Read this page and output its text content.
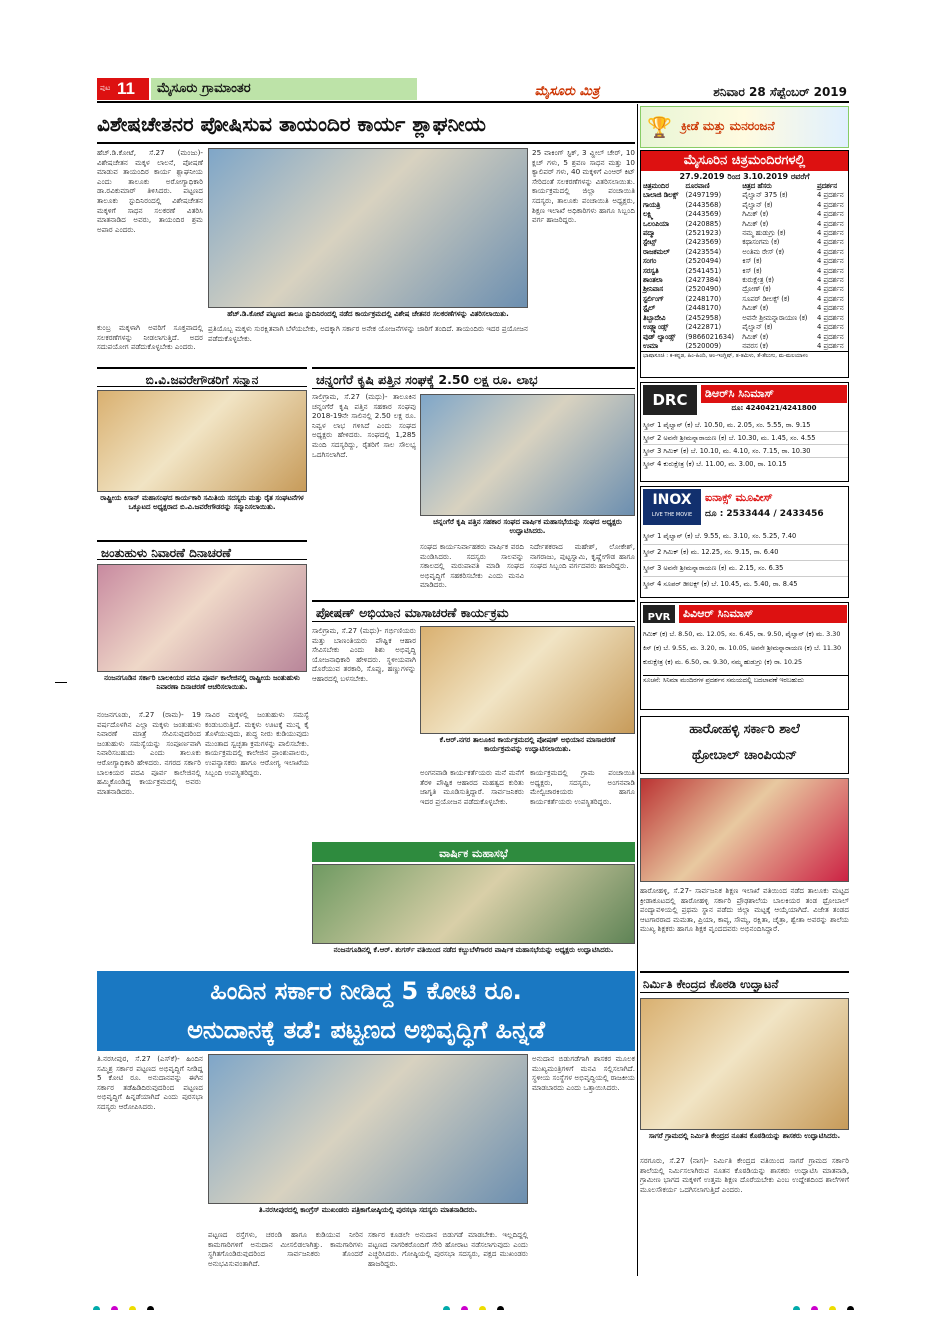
ಪುಟ 11 ಮೈಸೂರು ಗ್ರಾಮಾಂತರ	ಮೈಸೂರು ಮಿತ್ರ	ಶನಿವಾರ 28 ಸೆಪ್ಟೆಂಬರ್ 2019
ವಿಶೇಷಚೇತನರ ಪೋಷಿಸುವ ತಾಯಂದಿರ ಕಾರ್ಯ ಶ್ಲಾಘನೀಯ
ಹೆಚ್.ಡಿ.ಕೋಟೆ, ಸೆ.27 (ಮಂಜು)- ವಿಶೇಷಚೇತನ ಮಕ್ಕಳ ಲಾಲನೆ, ಪೋಷಣೆ ಮಾಡುವ ತಾಯಂದಿರ ಕಾರ್ಯ ಶ್ಲಾಘನೀಯ ಎಂದು ತಾಲೂಕು ಅರೋಗ್ಯಾಧಿಕಾರಿ ಡಾ.ರವಿಕುಮಾರ್ ತಿಳಿಸಿದರು. ಪಟ್ಟಣದ ತಾಲೂಕು ಸ್ಟುದಿನಿರಂದಲ್ಲಿ ವಿಶೇಷಚೇತನ ಮಕ್ಕಳಿಗೆ ಸಾಧನ ಸಲಕರಣೆ ವಿತರಿಸಿ ಮಾತನಾಡಿದ ಅವರು, ತಾಯಂದಿರ ಶ್ರಮ ಅಪಾರ ಎಂದರು.
ಕುಂಬ್ರ ಮಕ್ಕಳಾಗಿ ಅವರಿಗೆ ಸೂಕ್ತವಾದಲ್ಲಿ ಸಲಕರಣೆಗಳನ್ನು ನೀಡಲಾಗುತ್ತಿದೆ. ಅದರ ಸದುಪಯೋಗ ಪಡೆದುಕೊಳ್ಳಬೇಕು ಎಂದರು.
ಹೆಚ್.ಡಿ.ಕೋಟೆ ಪಟ್ಟಣದ ತಾಲೂ ಸ್ಟುದಿನಿರಂದಲ್ಲಿ ನಡೆದ ಕಾರ್ಯಕ್ರಮದಲ್ಲಿ ವಿಶೇಷ ಚೇತನರ ಸಲಕರಣೆಗಳನ್ನು ವಿತರಿಸಲಾಯಿತು.
ಪ್ರತಿಯೊಬ್ಬ ಮಕ್ಕಳು ಸುರಕ್ಷಿತವಾಗಿ ಬೆಳೆಯಬೇಕು, ಅದಕ್ಕಾಗಿ ಸರ್ಕಾರ ಅನೇಕ ಯೋಜನೆಗಳನ್ನು ಜಾರಿಗೆ ತಂದಿದೆ. ತಾಯಂದಿರು ಇದರ ಪ್ರಯೋಜನ ಪಡೆದುಕೊಳ್ಳಬೇಕು.
25 ವಾಕಿಂಗ್ ಸ್ಟಿಕ್, 3 ವ್ಹೀಲ್ ಚೇರ್, 10 ಕ್ಲಚ್ ಗಳು, 5 ಶ್ರವಣ ಸಾಧನ ಮತ್ತು 10 ಕ್ಯಾಲಿಪರ್ ಗಳು, 40 ಮಕ್ಕಳಿಗೆ ಎಂಆರ್ ಕಿಟ್ ಸೇರಿದಂತೆ ಸಲಕರಣೆಗಳನ್ನು ವಿತರಿಸಲಾಯಿತು. ಕಾರ್ಯಕ್ರಮದಲ್ಲಿ ಜಿಲ್ಲಾ ಪಂಚಾಯಿತಿ ಸದಸ್ಯರು, ತಾಲೂಕು ಪಂಚಾಯಿತಿ ಅಧ್ಯಕ್ಷರು, ಶಿಕ್ಷಣ ಇಲಾಖೆ ಅಧಿಕಾರಿಗಳು ಹಾಗೂ ಸಿಬ್ಬಂದಿ ವರ್ಗ ಹಾಜರಿದ್ದರು.
🏆 ಕ್ರೀಡೆ ಮತ್ತು ಮನರಂಜನೆ
ಮೈಸೂರಿನ ಚಿತ್ರಮಂದಿರಗಳಲ್ಲಿ
27.9.2019 ರಿಂದ 3.10.2019 ರವರೆಗೆ
ಚಿತ್ರಮಂದಿರ	ದೂರವಾಣಿ	ಚಿತ್ರದ ಹೆಸರು	ಪ್ರದರ್ಶನ
ಬಾಲಾಜಿ ಡಿಲಕ್ಸ್	(2497199)	ಪೈಲ್ವಾನ್ 375 (ಕ)	4 ಪ್ರದರ್ಶನ
ಗಾಯತ್ರಿ	(2443568)	ಪೈಲ್ವಾನ್ (ಕ)	4 ಪ್ರದರ್ಶನ
ಲಕ್ಷ್ಮಿ	(2443569)	ಗಿಮಿಕ್ (ಕ)	4 ಪ್ರದರ್ಶನ
ಒಲಂಪಿಯಾ	(2420885)	ಗಿಮಿಕ್ (ಕ)	4 ಪ್ರದರ್ಶನ
ಪದ್ಮಾ	(2521923)	ನಮ್ಮ ಹುಡುಗ್ರು (ಕ)	4 ಪ್ರದರ್ಶನ
ಸ್ಟೇಟ್ಸ್	(2423569)	ಕಥಾಸಂಗಮ (ಕ)	4 ಪ್ರದರ್ಶನ
ರಾಜಕಮಲ್	(2423554)	ಅಂತಿಮ ರೇಸ್ (ಕ)	4 ಪ್ರದರ್ಶನ
ಸಂಗಂ	(2520494)	ಕಿಸ್ (ಕ)	4 ಪ್ರದರ್ಶನ
ಸರಸ್ವತಿ	(2541451)	ಕಿಸ್ (ಕ)	4 ಪ್ರದರ್ಶನ
ಶಾಂತಲಾ	(2427384)	ಕುರುಕ್ಷೇತ್ರ (ಕ)	4 ಪ್ರದರ್ಶನ
ಶ್ರೀನಿವಾಸ	(2520490)	ದ್ರೋಣ್ (ಕ)	4 ಪ್ರದರ್ಶನ
ಸ್ಟರ್ಲಿಂಗ್	(2248170)	ಸೂಪರ್ ಡೀಲಕ್ಸ್ (ಕ)	4 ಪ್ರದರ್ಶನ
ಸ್ಟೈಲ್	(2448170)	ಗಿಮಿಕ್ (ಕ)	4 ಪ್ರದರ್ಶನ
ತಿಬ್ಬಾದೇವಿ	(2452958)	ಅವನೇ ಶ್ರೀಮನ್ನಾರಾಯಣ (ಕ)	4 ಪ್ರದರ್ಶನ
ಉಡ್ಲ್ಯಾಂಡ್ಸ್	(2422871)	ಪೈಲ್ವಾನ್ (ಕ)	4 ಪ್ರದರ್ಶನ
ವುಡ್ ಲ್ಯಾಂಡ್ಸ್	(9866021634)	ಗಿಮಿಕ್ (ಕ)	4 ಪ್ರದರ್ಶನ
ಉಮಾ	(2520009)	ನವರಸ (ಕ)	4 ಪ್ರದರ್ಶನ
ಭಾಷಾಸೂಚಿ : ಕ-ಕನ್ನಡ, ಹಿಂ-ಹಿಂದಿ, ಆಂ-ಇಂಗ್ಲಿಷ್, ತ-ತಮಿಳು, ತೆ-ತೆಲುಗು, ಮ-ಮಲಯಾಳಂ
DRC	ಡಿಆರ್‌ಸಿ ಸಿನಿಮಾಸ್
ದೂ: 4240421/4241800
ಸ್ಕ್ರೀನ್ 1 ಪೈಲ್ವಾನ್ (ಕ) ಬೆ. 10.50, ಮ. 2.05, ಸಂ. 5.55, ರಾ. 9.15
ಸ್ಕ್ರೀನ್ 2 ಅವನೇ ಶ್ರೀಮನ್ನಾರಾಯಣ (ಕ) ಬೆ. 10.30, ಮ. 1.45, ಸಂ. 4.55
ಸ್ಕ್ರೀನ್ 3 ಗಿಮಿಕ್ (ಕ) ಬೆ. 10.10, ಮ. 4.10, ಸಂ. 7.15, ರಾ. 10.30
ಸ್ಕ್ರೀನ್ 4 ಕುರುಕ್ಷೇತ್ರ (ಕ) ಬೆ. 11.00, ಮ. 3.00, ರಾ. 10.15
INOX
LIVE THE MOVIE
ಐನಾಕ್ಸ್ ಮೂವೀಸ್
ದೂ : 2533444 / 2433456
ಸ್ಕ್ರೀನ್ 1 ಪೈಲ್ವಾನ್ (ಕ) ಬೆ. 9.55, ಮ. 3.10, ಸಂ. 5.25, 7.40
ಸ್ಕ್ರೀನ್ 2 ಗಿಮಿಕ್ (ಕ) ಮ. 12.25, ಸಂ. 9.15, ರಾ. 6.40
ಸ್ಕ್ರೀನ್ 3 ಅವನೇ ಶ್ರೀಮನ್ನಾರಾಯಣ (ಕ) ಮ. 2.15, ಸಂ. 6.35
ಸ್ಕ್ರೀನ್ 4 ಸೂಪರ್ ಡೀಲಕ್ಸ್ (ಕ) ಬೆ. 10.45, ಮ. 5.40, ರಾ. 8.45
PVR	ಪಿವಿಆರ್ ಸಿನಿಮಾಸ್
ಗಿಮಿಕ್ (ಕ) ಬೆ. 8.50, ಮ. 12.05, ಸಂ. 6.45, ರಾ. 9.50, ಪೈಲ್ವಾನ್ (ಕ) ಮ. 3.30
ಕಿಸ್ (ಕ) ಬೆ. 9.55, ಮ. 3.20, ರಾ. 10.05, ಅವನೇ ಶ್ರೀಮನ್ನಾರಾಯಣ (ಕ) ಬೆ. 11.30
ಕುರುಕ್ಷೇತ್ರ (ಕ) ಮ. 6.50, ರಾ. 9.30, ನಮ್ಮ ಹುಡುಗ್ರು (ಕ) ರಾ. 10.25
ಸೂಚನೆ: ಸಿನಿಮಾ ಮಂದಿರಗಳ ಪ್ರದರ್ಶನ ಸಮಯದಲ್ಲಿ ಬದಲಾವಣೆ ಇರಬಹುದು
ಬಿ.ವಿ.ಜವರೇಗೌಡರಿಗೆ ಸನ್ಮಾನ
ರಾಷ್ಟ್ರೀಯ ಕಿಸಾನ್ ಮಹಾಸಂಘದ ಕಾರ್ಯಕಾರಿ ಸಮಿತಿಯ ಸದಸ್ಯರು ಮತ್ತು ರೈತ ಸಂಘಟನೆಗಳ ಒಕ್ಕೂಟದ ಅಧ್ಯಕ್ಷರಾದ ಬಿ.ವಿ.ಜವರೇಗೌಡರನ್ನು ಸನ್ಮಾನಿಸಲಾಯಿತು.
ಜಂತುಹುಳು ನಿವಾರಣೆ ದಿನಾಚರಣೆ
ನಂಜನಗೂಡಿನ ಸರ್ಕಾರಿ ಬಾಲಕಿಯರ ಪದವಿ ಪೂರ್ವ ಕಾಲೇಜಿನಲ್ಲಿ ರಾಷ್ಟ್ರೀಯ ಜಂತುಹುಳು ನಿವಾರಣಾ ದಿನಾಚರಣೆ ಆಚರಿಸಲಾಯಿತು.
ನಂಜನಗೂಡು, ಸೆ.27 (ರಾಮ)- 19 ವರ್ಷದೊಳಗಿನ ಎಲ್ಲಾ ಮಕ್ಕಳು ಜಂತುಹುಳು ನಿವಾರಣೆ ಮಾತ್ರೆ ಸೇವಿಸುವುದರಿಂದ ಜಂತುಹುಳು ಸಮಸ್ಯೆಯನ್ನು ಸಂಪೂರ್ಣವಾಗಿ ನಿವಾರಿಸಬಹುದು ಎಂದು ತಾಲೂಕು ಆರೋಗ್ಯಾಧಿಕಾರಿ ಹೇಳಿದರು. ನಗರದ ಸರ್ಕಾರಿ ಬಾಲಕಿಯರ ಪದವಿ ಪೂರ್ವ ಕಾಲೇಜಿನಲ್ಲಿ ಹಮ್ಮಿಕೊಂಡಿದ್ದ ಕಾರ್ಯಕ್ರಮದಲ್ಲಿ ಅವರು ಮಾತನಾಡಿದರು.
ಸಾವಿರ ಮಕ್ಕಳಲ್ಲಿ ಜಂತುಹುಳು ಸಮಸ್ಯೆ ಕಂಡುಬರುತ್ತಿದೆ. ಮಕ್ಕಳು ಊಟಕ್ಕೆ ಮುನ್ನ ಕೈ ತೊಳೆಯುವುದು, ಶುದ್ಧ ನೀರು ಕುಡಿಯುವುದು ಮುಂತಾದ ಸ್ವಚ್ಛತಾ ಕ್ರಮಗಳನ್ನು ಪಾಲಿಸಬೇಕು. ಕಾರ್ಯಕ್ರಮದಲ್ಲಿ ಕಾಲೇಜಿನ ಪ್ರಾಂಶುಪಾಲರು, ಉಪನ್ಯಾಸಕರು ಹಾಗೂ ಆರೋಗ್ಯ ಇಲಾಖೆಯ ಸಿಬ್ಬಂದಿ ಉಪಸ್ಥಿತರಿದ್ದರು.
ಚನ್ನಂಗೆರೆ ಕೃಷಿ ಪತ್ತಿನ ಸಂಘಕ್ಕೆ 2.50 ಲಕ್ಷ ರೂ. ಲಾಭ
ಸಾಲಿಗ್ರಾಮ, ಸೆ.27 (ಮಧು)- ತಾಲೂಕಿನ ಚನ್ನಂಗೆರೆ ಕೃಷಿ ಪತ್ತಿನ ಸಹಕಾರ ಸಂಘವು 2018-19ನೇ ಸಾಲಿನಲ್ಲಿ 2.50 ಲಕ್ಷ ರೂ. ನಿವ್ವಳ ಲಾಭ ಗಳಿಸಿದೆ ಎಂದು ಸಂಘದ ಅಧ್ಯಕ್ಷರು ಹೇಳಿದರು. ಸಂಘದಲ್ಲಿ 1,285 ಮಂದಿ ಸದಸ್ಯರಿದ್ದು, ರೈತರಿಗೆ ಸಾಲ ಸೌಲಭ್ಯ ಒದಗಿಸಲಾಗಿದೆ.
ಚನ್ನಂಗೆರೆ ಕೃಷಿ ಪತ್ತಿನ ಸಹಕಾರ ಸಂಘದ ವಾರ್ಷಿಕ ಮಹಾಸಭೆಯನ್ನು ಸಂಘದ ಅಧ್ಯಕ್ಷರು ಉದ್ಘಾಟಿಸಿದರು.
ಸಂಘದ ಕಾರ್ಯನಿರ್ವಾಹಕರು ವಾರ್ಷಿಕ ವರದಿ ಮಂಡಿಸಿದರು. ಸದಸ್ಯರು ಸಾಲವನ್ನು ಸಕಾಲದಲ್ಲಿ ಮರುಪಾವತಿ ಮಾಡಿ ಸಂಘದ ಅಭಿವೃದ್ಧಿಗೆ ಸಹಕರಿಸಬೇಕು ಎಂದು ಮನವಿ ಮಾಡಿದರು.
ನಿರ್ದೇಶಕರಾದ ಮಹೇಶ್, ಲೋಕೇಶ್, ನಾಗರಾಜು, ಪುಟ್ಟಸ್ವಾಮಿ, ಕೃಷ್ಣೇಗೌಡ ಹಾಗೂ ಸಂಘದ ಸಿಬ್ಬಂದಿ ವರ್ಗದವರು ಹಾಜರಿದ್ದರು.
ಪೋಷಣ್ ಅಭಿಯಾನ ಮಾಸಾಚರಣೆ ಕಾರ್ಯಕ್ರಮ
ಸಾಲಿಗ್ರಾಮ, ಸೆ.27 (ಮಧು)- ಗರ್ಭಿಣಿಯರು ಮತ್ತು ಬಾಣಂತಿಯರು ಪೌಷ್ಟಿಕ ಆಹಾರ ಸೇವಿಸಬೇಕು ಎಂದು ಶಿಶು ಅಭಿವೃದ್ಧಿ ಯೋಜನಾಧಿಕಾರಿ ಹೇಳಿದರು. ಸ್ಥಳೀಯವಾಗಿ ದೊರೆಯುವ ತರಕಾರಿ, ಸೊಪ್ಪು, ಹಣ್ಣುಗಳನ್ನು ಆಹಾರದಲ್ಲಿ ಬಳಸಬೇಕು.
ಕೆ.ಆರ್.ನಗರ ತಾಲೂಕಿನ ಕಾರ್ಯಕ್ರಮದಲ್ಲಿ ಪೋಷಣ್ ಅಭಿಯಾನ ಮಾಸಾಚರಣೆ ಕಾರ್ಯಕ್ರಮವನ್ನು ಉದ್ಘಾಟಿಸಲಾಯಿತು.
ಅಂಗನವಾಡಿ ಕಾರ್ಯಕರ್ತೆಯರು ಮನೆ ಮನೆಗೆ ತೆರಳಿ ಪೌಷ್ಟಿಕ ಆಹಾರದ ಮಹತ್ವದ ಕುರಿತು ಜಾಗೃತಿ ಮೂಡಿಸುತ್ತಿದ್ದಾರೆ. ಸಾರ್ವಜನಿಕರು ಇದರ ಪ್ರಯೋಜನ ಪಡೆದುಕೊಳ್ಳಬೇಕು.
ಕಾರ್ಯಕ್ರಮದಲ್ಲಿ ಗ್ರಾಮ ಪಂಚಾಯಿತಿ ಅಧ್ಯಕ್ಷರು, ಸದಸ್ಯರು, ಅಂಗನವಾಡಿ ಮೇಲ್ವಿಚಾರಕಿಯರು ಹಾಗೂ ಕಾರ್ಯಕರ್ತೆಯರು ಉಪಸ್ಥಿತರಿದ್ದರು.
ವಾರ್ಷಿಕ ಮಹಾಸಭೆ
ನಂಜನಗೂಡಿನಲ್ಲಿ ಕೆ.ಆರ್. ಶುಗರ್ಸ್ ವತಿಯಿಂದ ನಡೆದ ಕಬ್ಬುಬೆಳೆಗಾರರ ವಾರ್ಷಿಕ ಮಹಾಸಭೆಯನ್ನು ಅಧ್ಯಕ್ಷರು ಉದ್ಘಾಟಿಸಿದರು.
ಹಾರೋಹಳ್ಳಿ ಸರ್ಕಾರಿ ಶಾಲೆ
ಥ್ರೋಬಾಲ್ ಚಾಂಪಿಯನ್
ಹಾರೋಹಳ್ಳಿ, ಸೆ.27- ಸಾರ್ವಜನಿಕ ಶಿಕ್ಷಣ ಇಲಾಖೆ ವತಿಯಿಂದ ನಡೆದ ತಾಲೂಕು ಮಟ್ಟದ ಕ್ರೀಡಾಕೂಟದಲ್ಲಿ ಹಾರೋಹಳ್ಳಿ ಸರ್ಕಾರಿ ಪ್ರೌಢಶಾಲೆಯ ಬಾಲಕಿಯರ ತಂಡ ಥ್ರೋಬಾಲ್ ಪಂದ್ಯಾವಳಿಯಲ್ಲಿ ಪ್ರಥಮ ಸ್ಥಾನ ಪಡೆದು ಜಿಲ್ಲಾ ಮಟ್ಟಕ್ಕೆ ಆಯ್ಕೆಯಾಗಿದೆ. ವಿಜೇತ ತಂಡದ ಆಟಗಾರರಾದ ಮಮತಾ, ಪ್ರಿಯಾ, ಕಾವ್ಯ, ಸೌಮ್ಯ, ರಕ್ಷಿತಾ, ಚೈತ್ರಾ, ಶ್ವೇತಾ ಅವರನ್ನು ಶಾಲೆಯ ಮುಖ್ಯ ಶಿಕ್ಷಕರು ಹಾಗೂ ಶಿಕ್ಷಕ ವೃಂದದವರು ಅಭಿನಂದಿಸಿದ್ದಾರೆ.
ಹಿಂದಿನ ಸರ್ಕಾರ ನೀಡಿದ್ದ 5 ಕೋಟಿ ರೂ.
ಅನುದಾನಕ್ಕೆ ತಡೆ: ಪಟ್ಟಣದ ಅಭಿವೃದ್ಧಿಗೆ ಹಿನ್ನಡೆ
ತಿ.ನರಸೀಪುರ, ಸೆ.27 (ಎಸ್‌ಕೆ)- ಹಿಂದಿನ ಸಮ್ಮಿಶ್ರ ಸರ್ಕಾರ ಪಟ್ಟಣದ ಅಭಿವೃದ್ಧಿಗೆ ನೀಡಿದ್ದ 5 ಕೋಟಿ ರೂ. ಅನುದಾನವನ್ನು ಈಗಿನ ಸರ್ಕಾರ ತಡೆಹಿಡಿದಿರುವುದರಿಂದ ಪಟ್ಟಣದ ಅಭಿವೃದ್ಧಿಗೆ ಹಿನ್ನಡೆಯಾಗಿದೆ ಎಂದು ಪುರಸಭಾ ಸದಸ್ಯರು ಆರೋಪಿಸಿದರು.
ತಿ.ನರಸೀಪುರದಲ್ಲಿ ಕಾಂಗ್ರೆಸ್ ಮುಖಂಡರು ಪತ್ರಿಕಾಗೋಷ್ಠಿಯಲ್ಲಿ ಪುರಸಭಾ ಸದಸ್ಯರು ಮಾತನಾಡಿದರು.
ಪಟ್ಟಣದ ರಸ್ತೆಗಳು, ಚರಂಡಿ ಹಾಗೂ ಕುಡಿಯುವ ನೀರಿನ ಕಾಮಗಾರಿಗಳಿಗೆ ಅನುದಾನ ಮೀಸಲಿಡಲಾಗಿತ್ತು. ಕಾಮಗಾರಿಗಳು ಸ್ಥಗಿತಗೊಂಡಿರುವುದರಿಂದ ಸಾರ್ವಜನಿಕರು ತೊಂದರೆ ಅನುಭವಿಸುವಂತಾಗಿದೆ.
ಸರ್ಕಾರ ಕೂಡಲೇ ಅನುದಾನ ಬಿಡುಗಡೆ ಮಾಡಬೇಕು. ಇಲ್ಲದಿದ್ದಲ್ಲಿ ಪಟ್ಟಣದ ನಾಗರಿಕರೊಂದಿಗೆ ಸೇರಿ ಹೋರಾಟ ನಡೆಸಲಾಗುವುದು ಎಂದು ಎಚ್ಚರಿಸಿದರು. ಗೋಷ್ಠಿಯಲ್ಲಿ ಪುರಸಭಾ ಸದಸ್ಯರು, ಪಕ್ಷದ ಮುಖಂಡರು ಹಾಜರಿದ್ದರು.
ಅನುದಾನ ಬಿಡುಗಡೆಗಾಗಿ ಶಾಸಕರ ಮೂಲಕ ಮುಖ್ಯಮಂತ್ರಿಗಳಿಗೆ ಮನವಿ ಸಲ್ಲಿಸಲಾಗಿದೆ. ಸ್ಥಳೀಯ ಸಂಸ್ಥೆಗಳ ಅಭಿವೃದ್ಧಿಯಲ್ಲಿ ರಾಜಕೀಯ ಮಾಡಬಾರದು ಎಂದು ಒತ್ತಾಯಿಸಿದರು.
ನಿರ್ಮಿತಿ ಕೇಂದ್ರದ ಕೊಠಡಿ ಉದ್ಘಾಟನೆ
ಸಾಗರೆ ಗ್ರಾಮದಲ್ಲಿ ನಿರ್ಮಿತಿ ಕೇಂದ್ರದ ನೂತನ ಕೊಠಡಿಯನ್ನು ಶಾಸಕರು ಉದ್ಘಾಟಿಸಿದರು.
ಸರಗೂರು, ಸೆ.27 (ನಾಗ)- ನಿರ್ಮಿತಿ ಕೇಂದ್ರದ ವತಿಯಿಂದ ಸಾಗರೆ ಗ್ರಾಮದ ಸರ್ಕಾರಿ ಶಾಲೆಯಲ್ಲಿ ನಿರ್ಮಿಸಲಾಗಿರುವ ನೂತನ ಕೊಠಡಿಯನ್ನು ಶಾಸಕರು ಉದ್ಘಾಟಿಸಿ ಮಾತನಾಡಿ, ಗ್ರಾಮೀಣ ಭಾಗದ ಮಕ್ಕಳಿಗೆ ಉತ್ತಮ ಶಿಕ್ಷಣ ದೊರೆಯಬೇಕು ಎಂಬ ಉದ್ದೇಶದಿಂದ ಶಾಲೆಗಳಿಗೆ ಮೂಲಸೌಕರ್ಯ ಒದಗಿಸಲಾಗುತ್ತಿದೆ ಎಂದರು.
